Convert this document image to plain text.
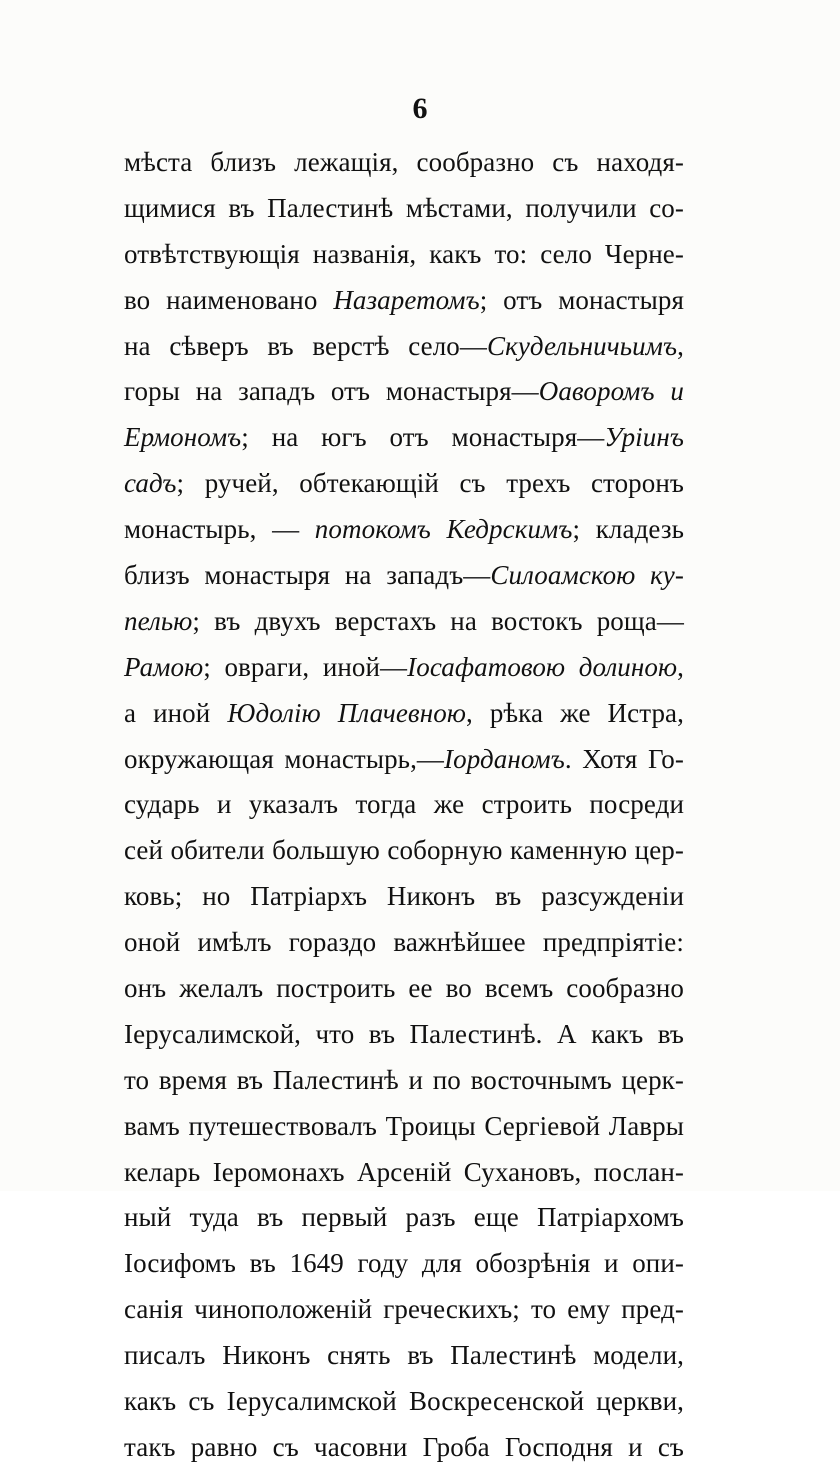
6
мѣста близъ лежащія, сообразно съ находя-
щимися въ Палестинѣ мѣстами, получили со-
отвѣтствующія названія, какъ то: село Черне-
во наименовано Назаретомъ; отъ монастыря
на сѣверъ въ верстѣ село—Скудельничьимъ,
горы на западъ отъ монастыря—Оаворомъ и
Ермономъ; на югъ отъ монастыря—Урiинъ
садъ; ручей, обтекающій съ трехъ сторонъ
монастырь, — потокомъ Кедрскимъ; кладезь
близъ монастыря на западъ—Силоамскою ку-
пелью; въ двухъ верстахъ на востокъ роща—
Рамою; овраги, иной—Іосафатовою долиною,
а иной Юдолію Плачевною, рѣка же Истра,
окружающая монастырь,—Іорданомъ. Хотя Го-
сударь и указалъ тогда же строить посреди
сей обители большую соборную каменную цер-
ковь; но Патріархъ Никонъ въ разсужденіи
оной имѣлъ гораздо важнѣйшее предпріятіе:
онъ желалъ построить ее во всемъ сообразно
Іерусалимской, что въ Палестинѣ. А какъ въ
то время въ Палестинѣ и по восточнымъ церк-
вамъ путешествовалъ Троицы Сергіевой Лавры
келарь Іеромонахъ Арсеній Сухановъ, послан-
ный туда въ первый разъ еще Патріархомъ
Іосифомъ въ 1649 году для обозрѣнія и опи-
санія чиноположеній греческихъ; то ему пред-
писалъ Никонъ снять въ Палестинѣ модели,
какъ съ Іерусалимской Воскресенской церкви,
такъ равно съ часовни Гроба Господня и съ
